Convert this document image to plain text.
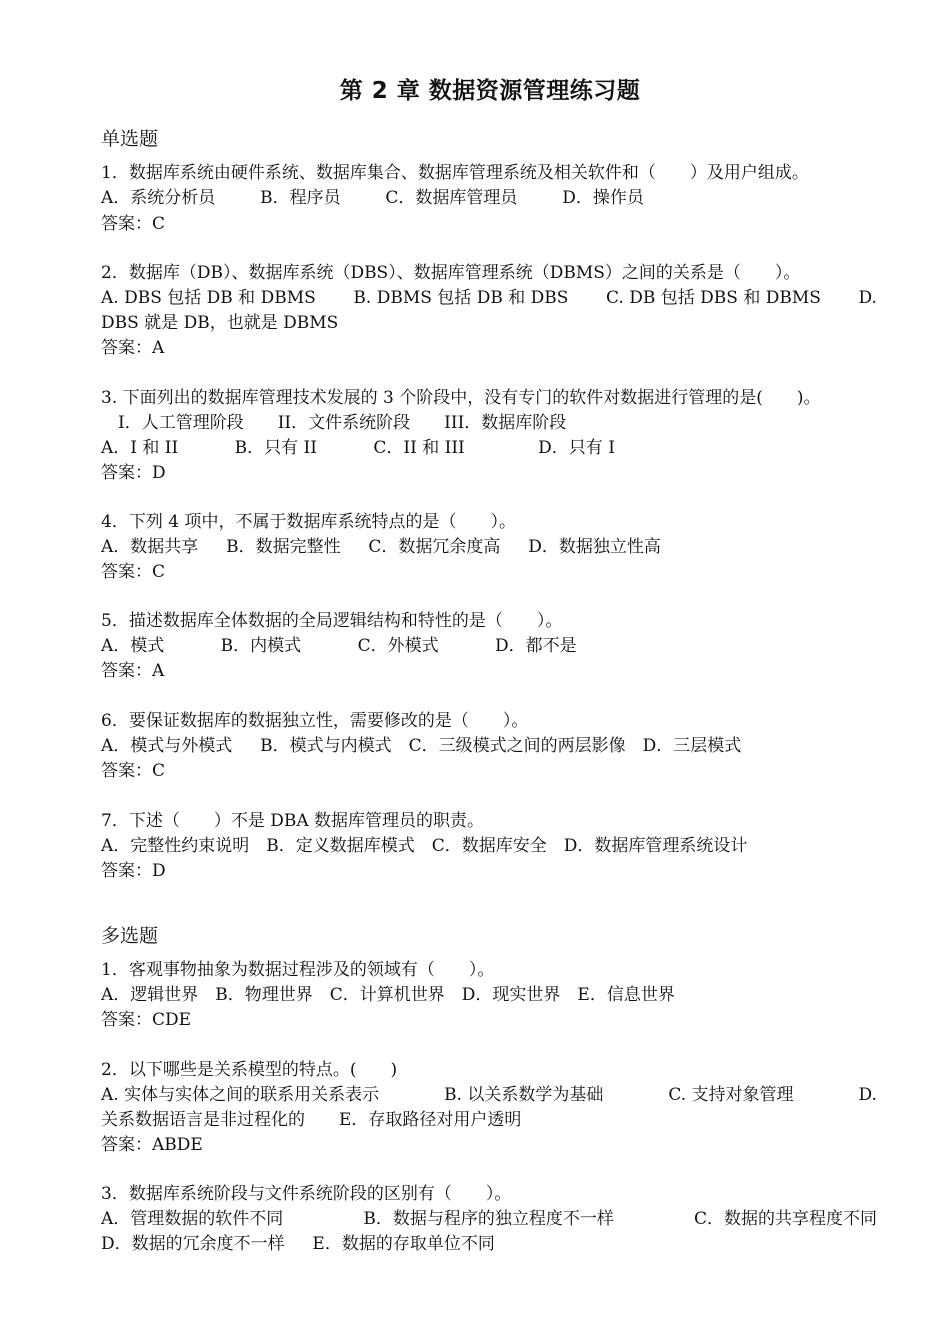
第 2 章 数据资源管理练习题
单选题
1．数据库系统由硬件系统、数据库集合、数据库管理系统及相关软件和（　　）及用户组成。
A．系统分析员　　  B．程序员　　  C．数据库管理员　　  D．操作员
答案：C
2．数据库（DB）、数据库系统（DBS）、数据库管理系统（DBMS）之间的关系是（　　）。
A. DBS 包括 DB 和 DBMS B. DBMS 包括 DB 和 DBS C. DB 包括 DBS 和 DBMS D.
DBS 就是 DB，也就是 DBMS
答案：A
3. 下面列出的数据库管理技术发展的 3 个阶段中，没有专门的软件对数据进行管理的是(　　)。
　I．人工管理阶段　　II．文件系统阶段　　III．数据库阶段
A．I 和 II　　　 B．只有 II　　　 C．II 和 III　　　　 D．只有 I
答案：D
4．下列 4 项中，不属于数据库系统特点的是（　　）。
A．数据共享　  B．数据完整性　  C．数据冗余度高　  D．数据独立性高
答案：C
5．描述数据库全体数据的全局逻辑结构和特性的是（　　）。
A．模式　　　 B．内模式　　　 C．外模式　　　 D．都不是
答案：A
6．要保证数据库的数据独立性，需要修改的是（　　）。
A．模式与外模式　  B．模式与内模式　C．三级模式之间的两层影像　D．三层模式
答案：C
7．下述（　　）不是 DBA 数据库管理员的职责。
A．完整性约束说明　B．定义数据库模式　C．数据库安全　D．数据库管理系统设计
答案：D
多选题
1．客观事物抽象为数据过程涉及的领域有（　　）。
A．逻辑世界　B．物理世界　C．计算机世界　D．现实世界　E．信息世界
答案：CDE
2．以下哪些是关系模型的特点。(　　)
A. 实体与实体之间的联系用关系表示	B. 以关系数学为基础	C. 支持对象管理	D.
关系数据语言是非过程化的　　E．存取路径对用户透明
答案：ABDE
3．数据库系统阶段与文件系统阶段的区别有（　　）。
A．管理数据的软件不同	B．数据与程序的独立程度不一样	C．数据的共享程度不同
D．数据的冗余度不一样　  E．数据的存取单位不同
